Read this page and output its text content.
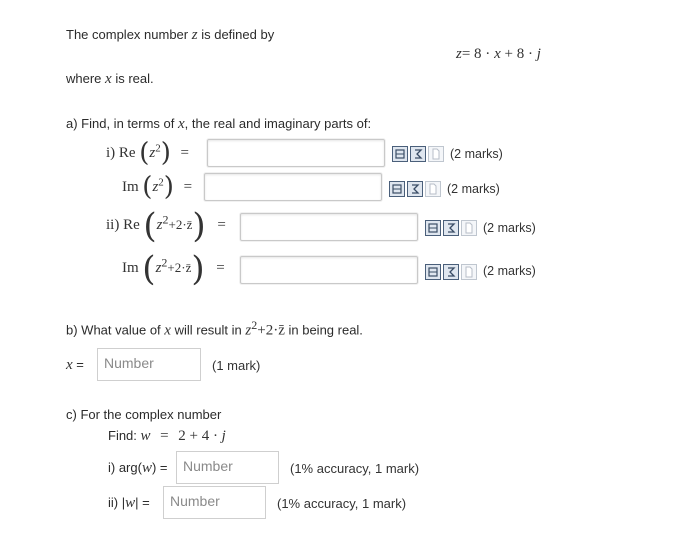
The complex number z is defined by
z= 8 · x + 8 · j
where x is real.
a) Find, in terms of x, the real and imaginary parts of:
i) Re $(z^2)$ =	(2 marks)
Im $(z^2)$ =	(2 marks)
ii) Re $(z^2+2\cdot z̄)$ =	(2 marks)
Im $(z^2+2\cdot z̄)$ =	(2 marks)
b) What value of x will result in $z^2+2\cdot z̄$ in being real.
x =	Number	(1 mark)
c) For the complex number
Find: w = 2 + 4 · j
i) arg(w) =	Number	(1% accuracy, 1 mark)
ii) |w| =	Number	(1% accuracy, 1 mark)
